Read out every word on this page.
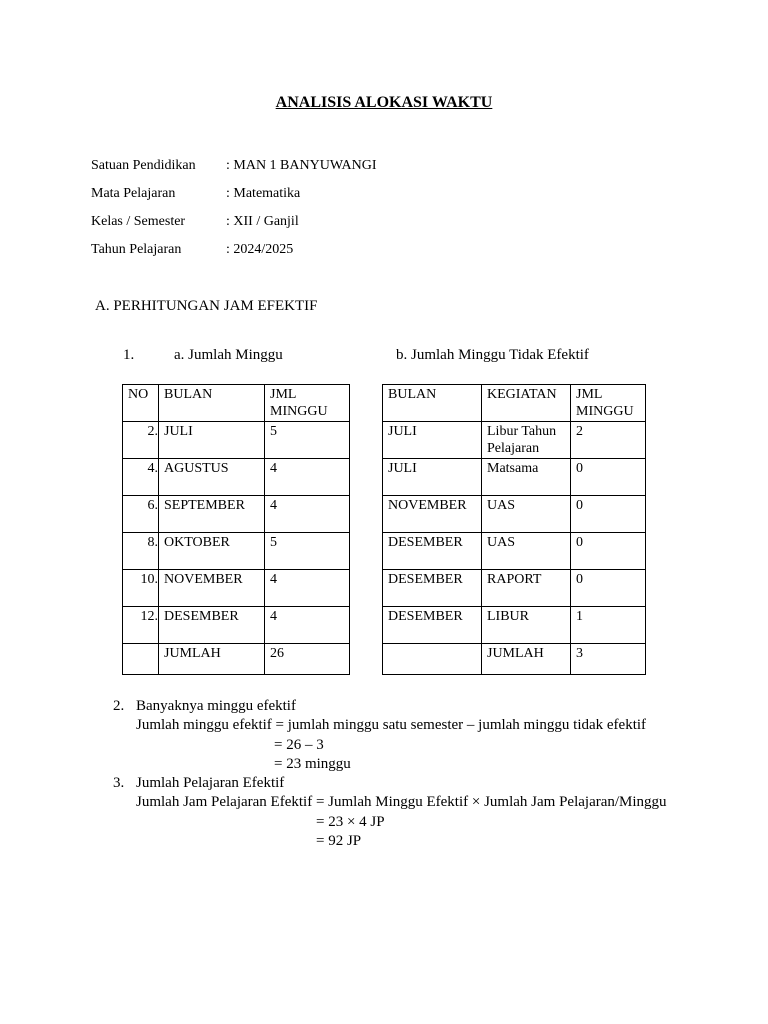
ANALISIS ALOKASI WAKTU
Satuan Pendidikan : MAN 1 BANYUWANGI
Mata Pelajaran	: Matematika
Kelas / Semester	: XII / Ganjil
Tahun Pelajaran	: 2024/2025
A. PERHITUNGAN JAM EFEKTIF
1.	a. Jumlah Minggu	b. Jumlah Minggu Tidak Efektif
NO	BULAN	JML MINGGU
2.	JULI	5
4.	AGUSTUS	4
6.	SEPTEMBER	4
8.	OKTOBER	5
10.	NOVEMBER	4
12.	DESEMBER	4
	JUMLAH	26
BULAN	KEGIATAN	JML MINGGU
JULI	Libur Tahun Pelajaran	2
JULI	Matsama	0
NOVEMBER	UAS	0
DESEMBER	UAS	0
DESEMBER	RAPORT	0
DESEMBER	LIBUR	1
	JUMLAH	3
2. Banyaknya minggu efektif
Jumlah minggu efektif = jumlah minggu satu semester – jumlah minggu tidak efektif
= 26 – 3
= 23 minggu
3. Jumlah Pelajaran Efektif
Jumlah Jam Pelajaran Efektif = Jumlah Minggu Efektif × Jumlah Jam Pelajaran/Minggu
= 23 × 4 JP
= 92 JP
